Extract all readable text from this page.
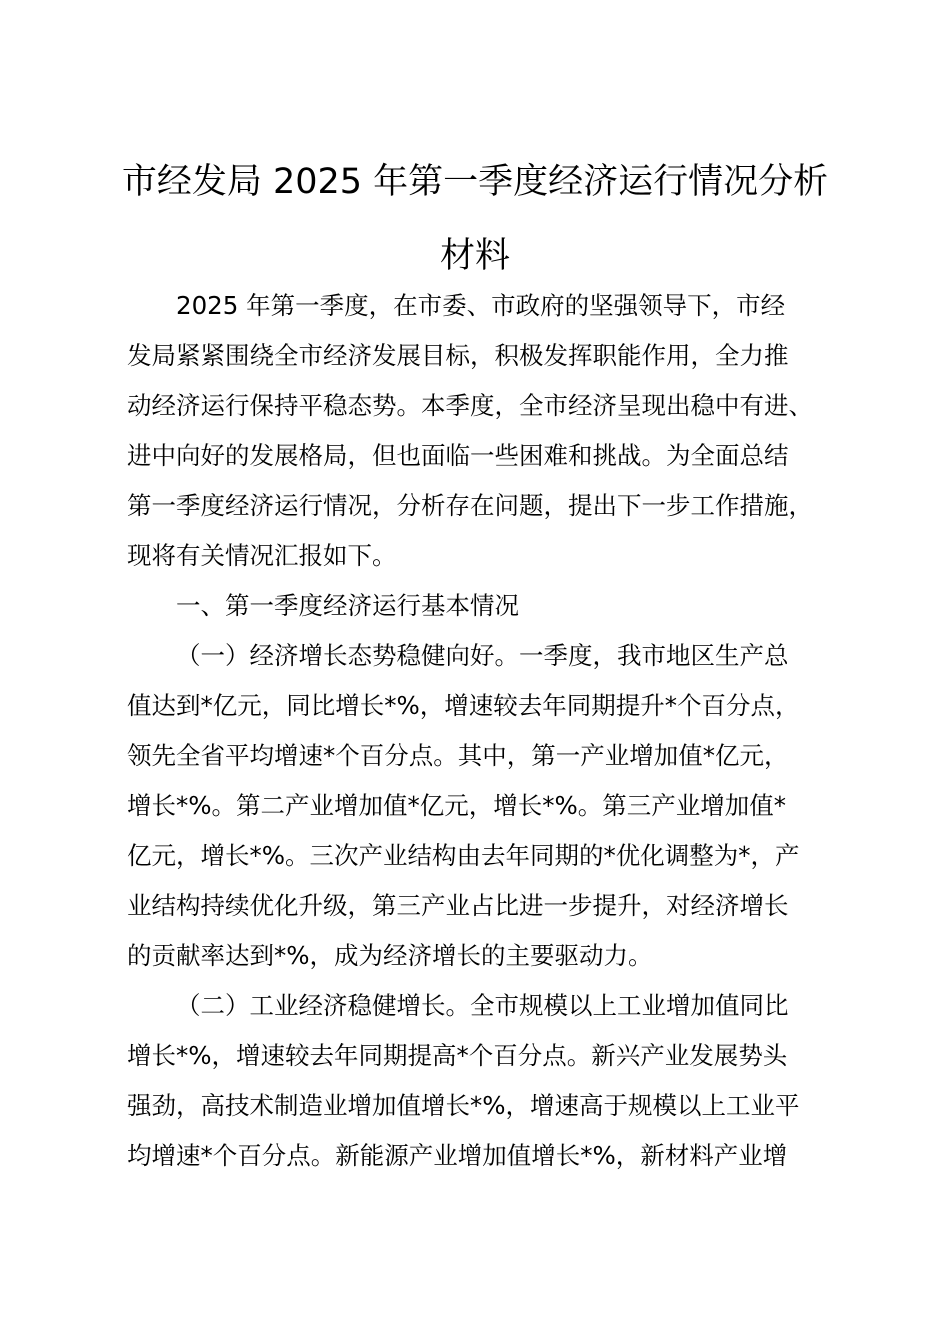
市经发局 2025 年第一季度经济运行情况分析
材料

2025 年第一季度，在市委、市政府的坚强领导下，市经

发局紧紧围绕全市经济发展目标，积极发挥职能作用，全力推

动经济运行保持平稳态势。本季度，全市经济呈现出稳中有进、

进中向好的发展格局，但也面临一些困难和挑战。为全面总结

第一季度经济运行情况，分析存在问题，提出下一步工作措施，

现将有关情况汇报如下。

一、第一季度经济运行基本情况

（一）经济增长态势稳健向好。一季度，我市地区生产总

值达到*亿元，同比增长*%，增速较去年同期提升*个百分点，

领先全省平均增速*个百分点。其中，第一产业增加值*亿元，

增长*%。第二产业增加值*亿元，增长*%。第三产业增加值*

亿元，增长*%。三次产业结构由去年同期的*优化调整为*，产

业结构持续优化升级，第三产业占比进一步提升，对经济增长

的贡献率达到*%，成为经济增长的主要驱动力。

（二）工业经济稳健增长。全市规模以上工业增加值同比

增长*%，增速较去年同期提高*个百分点。新兴产业发展势头

强劲，高技术制造业增加值增长*%，增速高于规模以上工业平

均增速*个百分点。新能源产业增加值增长*%，新材料产业增
